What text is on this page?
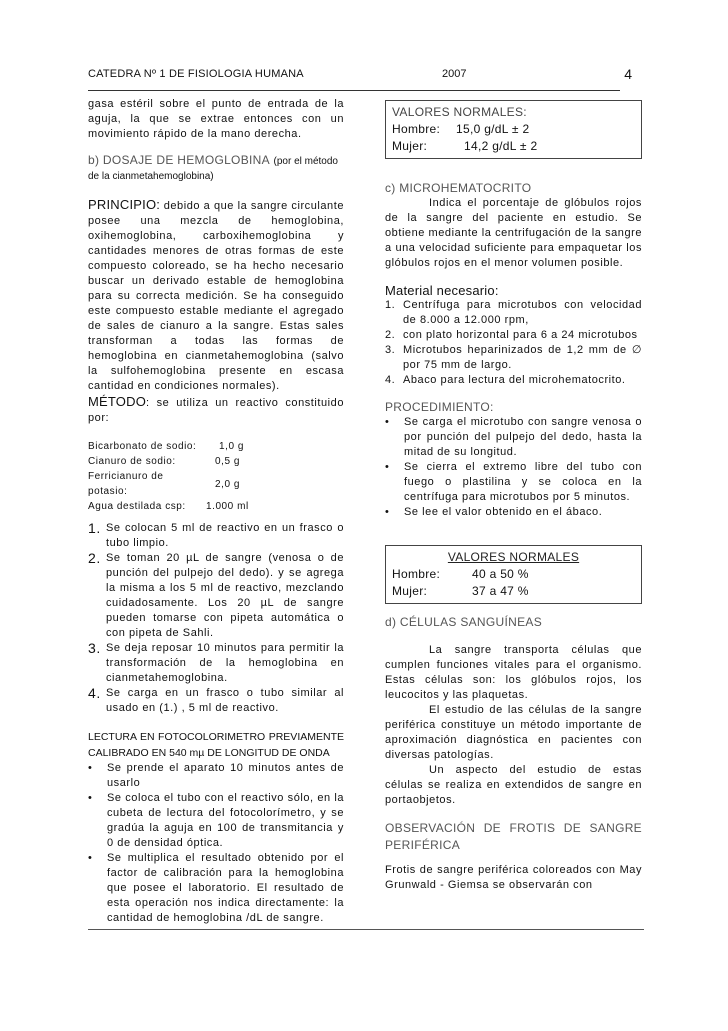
CATEDRA Nº 1 DE FISIOLOGIA HUMANA	2007	4
gasa estéril sobre el punto de entrada de la aguja, la que se extrae entonces con un movimiento rápido de la mano derecha.
b) DOSAJE DE HEMOGLOBINA (por el método de la cianmetahemoglobina)
PRINCIPIO: debido a que la sangre circulante posee una mezcla de hemoglobina, oxihemoglobina, carboxihemoglobina y cantidades menores de otras formas de este compuesto coloreado, se ha hecho necesario buscar un derivado estable de hemoglobina para su correcta medición. Se ha conseguido este compuesto estable mediante el agregado de sales de cianuro a la sangre. Estas sales transforman a todas las formas de hemoglobina en cianmetahemoglobina (salvo la sulfohemoglobina presente en escasa cantidad en condiciones normales).
MÉTODO: se utiliza un reactivo constituido por:
Bicarbonato de sodio:	1,0 g
Cianuro de sodio:	0,5 g
Ferricianuro de potasio:	2,0 g
Agua destilada csp:	1.000 ml
1. Se colocan 5 ml de reactivo en un frasco o tubo limpio.
2. Se toman 20 µL de sangre (venosa o de punción del pulpejo del dedo). y se agrega la misma a los 5 ml de reactivo, mezclando cuidadosamente. Los 20 µL de sangre pueden tomarse con pipeta automática o con pipeta de Sahli.
3. Se deja reposar 10 minutos para permitir la transformación de la hemoglobina en cianmetahemoglobina.
4. Se carga en un frasco o tubo similar al usado en (1.) , 5 ml de reactivo.
LECTURA EN FOTOCOLORIMETRO PREVIAMENTE CALIBRADO EN 540 mµ DE LONGITUD DE ONDA
•	Se prende el aparato 10 minutos antes de usarlo
•	Se coloca el tubo con el reactivo sólo, en la cubeta de lectura del fotocolorímetro, y se gradúa la aguja en 100 de transmitancia y 0 de densidad óptica.
•	Se multiplica el resultado obtenido por el factor de calibración para la hemoglobina que posee el laboratorio. El resultado de esta operación nos indica directamente: la cantidad de hemoglobina /dL de sangre.
VALORES NORMALES:
Hombre:	15,0 g/dL ± 2
Mujer:	14,2 g/dL ± 2
c) MICROHEMATOCRITO
Indica el porcentaje de glóbulos rojos de la sangre del paciente en estudio. Se obtiene mediante la centrifugación de la sangre a una velocidad suficiente para empaquetar los glóbulos rojos en el menor volumen posible.
Material necesario:
1. Centrífuga para microtubos con velocidad de 8.000 a 12.000 rpm,
2. con plato horizontal para 6 a 24 microtubos
3. Microtubos heparinizados de 1,2 mm de ∅ por 75 mm de largo.
4. Abaco para lectura del microhematocrito.
PROCEDIMIENTO:
•	Se carga el microtubo con sangre venosa o por punción del pulpejo del dedo, hasta la mitad de su longitud.
•	Se cierra el extremo libre del tubo con fuego o plastilina y se coloca en la centrífuga para microtubos por 5 minutos.
•	Se lee el valor obtenido en el ábaco.
VALORES NORMALES
Hombre:	40 a 50 %
Mujer:	37 a 47 %
d) CÉLULAS SANGUÍNEAS
La sangre transporta células que cumplen funciones vitales para el organismo. Estas células son: los glóbulos rojos, los leucocitos y las plaquetas.
El estudio de las células de la sangre periférica constituye un método importante de aproximación diagnóstica en pacientes con diversas patologías.
Un aspecto del estudio de estas células se realiza en extendidos de sangre en portaobjetos.
OBSERVACIÓN DE FROTIS DE SANGRE PERIFÉRICA
Frotis de sangre periférica coloreados con May Grunwald - Giemsa se observarán con
